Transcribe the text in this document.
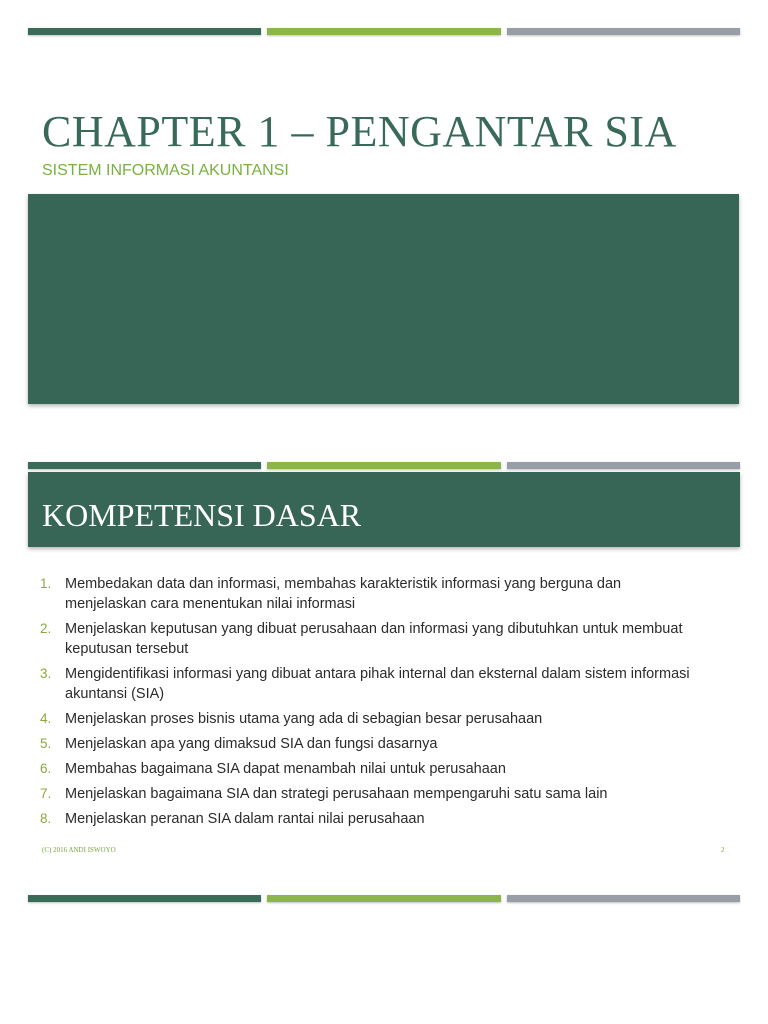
CHAPTER 1 – PENGANTAR SIA
SISTEM INFORMASI AKUNTANSI
KOMPETENSI DASAR
1. Membedakan data dan informasi, membahas karakteristik informasi yang berguna dan menjelaskan cara menentukan nilai informasi
2. Menjelaskan keputusan yang dibuat perusahaan dan informasi yang dibutuhkan untuk membuat keputusan tersebut
3. Mengidentifikasi informasi yang dibuat antara pihak internal dan eksternal dalam sistem informasi akuntansi (SIA)
4. Menjelaskan proses bisnis utama yang ada di sebagian besar perusahaan
5. Menjelaskan apa yang dimaksud SIA dan fungsi dasarnya
6. Membahas bagaimana SIA dapat menambah nilai untuk perusahaan
7. Menjelaskan bagaimana SIA dan strategi perusahaan mempengaruhi satu sama lain
8. Menjelaskan peranan SIA dalam rantai nilai perusahaan
(C) 2016 ANDI ISWOYO	2
